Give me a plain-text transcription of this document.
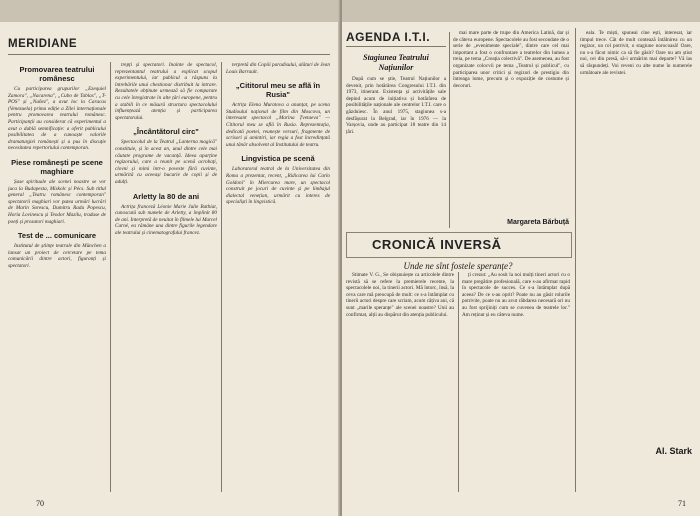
MERIDIANE
Promovarea teatrului românesc

Cu participarea grupurilor „Ezequiel Zamora", „Nacarena", „Cubo de Tablas", „T-POS" și „Nuñez", a avut loc la Caracas (Venezuela) prima ediție a Zilei internaționale pentru promovarea teatrului românesc. Participanții au considerat că experimentul a avut o dublă semnificație: a oferit publicului posibilitatea de a cunoaște valorile dramaturgiei românești și a pus în discuție necesitatea repertoriului contemporan.

Piese românești pe scene maghiare

Șase spirituale ale scenei noastre se vor juca la Budapesta, Miskolc și Pécs. Sub titlul general „Teatru românesc contemporan" spectatorii maghiari vor putea urmări lucrări de Marin Sorescu, Dumitru Radu Popescu, Horia Lovinescu și Teodor Mazilu, traduse de poeți și prozatori maghiari.

Test de ... comunicare

Institutul de științe teatrale din München a lansat un proiect de cercetare pe tema comunicării dintre actori, figuranți și spectatori.

trepți și spectatori. Inainte de spectacol, reprezentantul teatrului a explicat scopul experimentului, iar publicul a răspuns la întrebările unui chestionar distribuit la intrare. Rezultatele obținute urmează să fie comparate cu cele înregistrate în alte țări europene, pentru a stabili în ce măsură structura spectacolului influențează atenția și participarea spectatorului.

„Încântătorul circ"

Spectacolul de la Teatrul „Lanterna magică" constituie, și în acest an, unul dintre cele mai căutate programe de vacanță. Ideea aparține regizorului, care a reunit pe scenă acrobați, clovni și mimi într-o poveste fără cuvinte, urmărită cu aceeași bucurie de copii și de adulți.

Arletty la 80 de ani

Actrița franceză Léonie Marie Julie Bathiat, cunoscută sub numele de Arletty, a împlinit 80 de ani. Interpretă de neuitat în filmele lui Marcel Carné, ea rămâne una dintre figurile legendare ale teatrului și cinematografului francez.

terpretă din Copiii paradisului, alături de Jean Louis Barrault.

„Cititorul meu se află în Rusia"

Actrița Elena Muratova a anunțat, pe scena Studioului național de film din Moscova, un interesant spectacol „Marina Țvetaeva" — Cititorul meu se află în Rusia. Reprezentația, dedicată poetei, reunește versuri, fragmente de scrisori și amintiri, iar regia a fost încredințată unui tânăr absolvent al Institutului de teatru.

Lingvistica pe scenă

Laboratorul teatral de la Universitatea din Roma a prezentat, recent, „Ridicarea lui Carlo Goldoni" în Miercurea mare, un spectacol construit pe jocuri de cuvinte și pe limbajul dialectal venețian, urmărit cu interes de specialiști în lingvistică.

70
AGENDA I.T.I.
Stagiunea Teatrului Națiunilor

După cum se știe, Teatrul Națiunilor a devenit, prin hotărârea Congresului I.T.I. din 1973, itinerant. Existența și activitățile sale depind acum de inițiativa și hotărârea de posibilitățile naționale ale centrelor I.T.I. care o găzduiesc. În anul 1975, stagiunea s-a desfășurat la Belgrad, iar în 1976 — la Varșovia, unde au participat 18 teatre din 14 țări.

mai mare parte de trupe din America Latină, dar și de câteva europene. Spectacolele au fost secondate de o serie de „evenimente speciale", dintre care cel mai important a fost o confruntare a teatrelor din lumea a treia, pe tema „Creația colectivă". De asemenea, au fost organizate colocvii pe tema „Teatrul și publicul", cu participarea unor critici și regizori de prestigiu din întreaga lume, precum și o expoziție de costume și decoruri.

Margareta Bărbuță
CRONICĂ INVERSĂ
Unde ne sînt fostele speranțe?

Stimate V. G., Se obișnuiește ca articolele dintre revistă să se refere la premierele recente, la spectacolele noi, la tinerii actori. Mă întorc, însă, la ceva care mă preocupă de mult: ce s-a întâmplat cu tinerii actori despre care scriam, acum câțiva ani, că sunt „marile speranțe" ale scenei noastre? Unii au confirmat, alții au dispărut din atenția publicului.

ți crezut: „Au sosit la noi mulți tineri actori cu o mare pregătire profesională, care s-au afirmat rapid în spectacole de succes. Ce s-a întâmplat după aceea? De ce s-au oprit? Poate nu au găsit rolurile potrivite, poate nu au avut răbdarea necesară ori nu au fost sprijiniți cum se cuvenea de teatrele lor." Am reținut și eu câteva nume.

eala. Te miști, spuneai cine ești, interesat, iar timpul trece. Cât de mult contează întâlnirea cu un regizor, un rol potrivit, o stagiune norocoasă! Oare, nu s-a făcut nimic ca să fie găsit? Oare nu am știut noi, cei din presă, să-i urmărim mai departe? Vă las să răspundeți. Voi reveni cu alte nume în numerele următoare ale revistei.

Al. Stark
71
